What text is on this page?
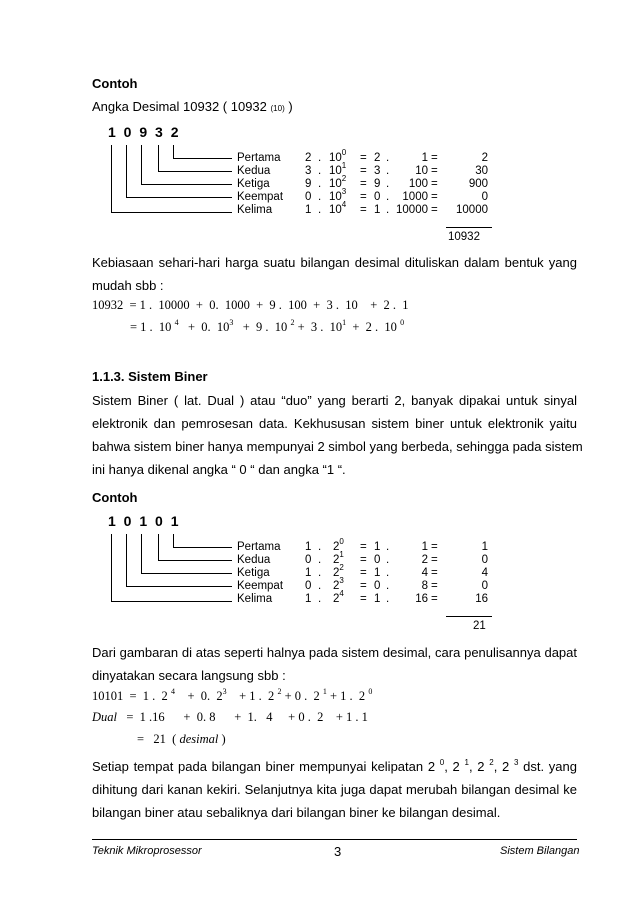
Contoh
Angka Desimal 10932 ( 10932 (10) )
1 0 9 3 2
Pertama 2 . $10^0 = 2$ .	1 =	2
Kedua	3 . $10^1 = 3$ . 10 =	30
Ketiga	9 . $10^2 = 9$ . 100 =	900
Keempat 0 . $10^3 = 0$ . 1000 =	0
Kelima	1 . $10^4 = 1$ . 10000 = 10000
10932
Kebiasaan sehari-hari harga suatu bilangan desimal dituliskan dalam bentuk yang
mudah sbb :
10932  = 1 .  10000  +  0.  1000  +  9 .  100  +  3 .  10    +  2 .  1
= 1 .  10 $^4$   +  0.  $10^3 + 9$ .  10 $^2$ +  3 .  $10^1 + 2$ .  10 $^0$
1.1.3. Sistem Biner
Sistem Biner ( lat. Dual ) atau “duo” yang berarti 2, banyak dipakai untuk sinyal
elektronik dan pemrosesan data. Kekhususan sistem biner untuk elektronik yaitu
bahwa sistem biner hanya mempunyai 2 simbol yang berbeda, sehingga pada sistem
ini hanya dikenal angka “ 0 “ dan angka “1 “.
Contoh
1 0 1 0 1
Pertama 1 . $2^0 = 1$ .	1 =	1
Kedua	0 . $2^1 = 0$ .	2 =	0
Ketiga	1 . $2^2 = 1$ .	4 =	4
Keempat 0 . $2^3 = 0$ .	8 =	0
Kelima	1 . $2^4 = 1$ . 16 =	16
21
Dari gambaran di atas seperti halnya pada sistem desimal, cara penulisannya dapat
dinyatakan secara langsung sbb :
10101  =  1 .  2 $^4$    +  0.  $2^3$    + 1 .  2 $^2$ + 0 .  2 $^1$ + 1 .  2 $^0$
Dual   =  1 .16      +  0. 8      +  1.   4     + 0 .  2    + 1 . 1
=   21  ( desimal )
Setiap tempat pada bilangan biner mempunyai kelipatan 2 $^0$, 2 $^1$, 2 $^2$, 2 $^3$ dst. yang
dihitung dari kanan kekiri. Selanjutnya kita juga dapat merubah bilangan desimal ke
bilangan biner atau sebaliknya dari bilangan biner ke bilangan desimal.
Teknik Mikroprosessor	3	Sistem Bilangan
